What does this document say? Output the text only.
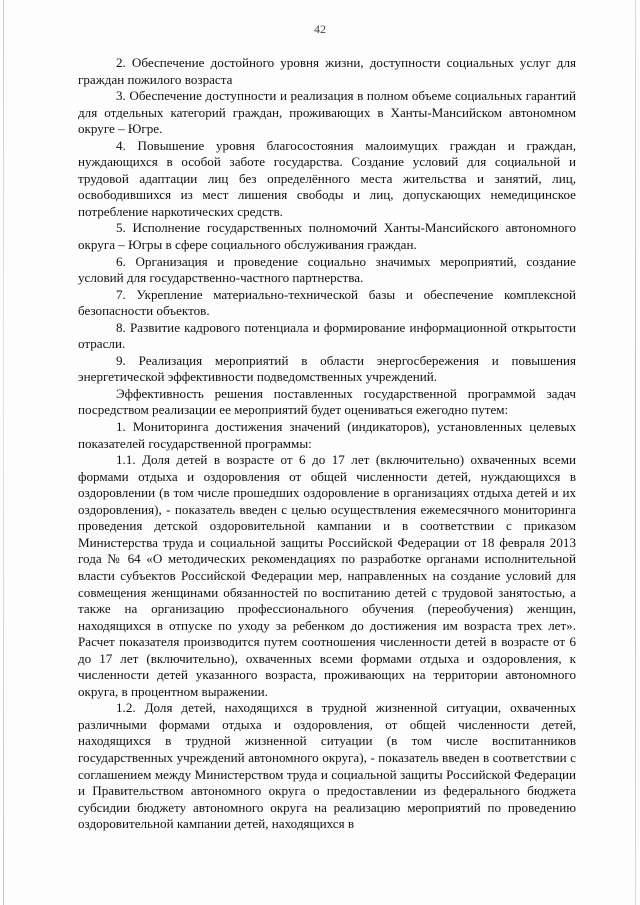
42

2. Обеспечение достойного уровня жизни, доступности социальных услуг для граждан пожилого возраста

3. Обеспечение доступности и реализация в полном объеме социальных гарантий для отдельных категорий граждан, проживающих в Ханты-Мансийском автономном округе – Югре.

4. Повышение уровня благосостояния малоимущих граждан и граждан, нуждающихся в особой заботе государства. Создание условий для социальной и трудовой адаптации лиц без определённого места жительства и занятий, лиц, освободившихся из мест лишения свободы и лиц, допускающих немедицинское потребление наркотических средств.

5. Исполнение государственных полномочий Ханты-Мансийского автономного округа – Югры в сфере социального обслуживания граждан.

6. Организация и проведение социально значимых мероприятий, создание условий для государственно-частного партнерства.

7. Укрепление материально-технической базы и обеспечение комплексной безопасности объектов.

8. Развитие кадрового потенциала и формирование информационной открытости отрасли.

9. Реализация мероприятий в области энергосбережения и повышения энергетической эффективности подведомственных учреждений.

Эффективность решения поставленных государственной программой задач посредством реализации ее мероприятий будет оцениваться ежегодно путем:

1. Мониторинга достижения значений (индикаторов), установленных целевых показателей государственной программы:

1.1. Доля детей в возрасте от 6 до 17 лет (включительно) охваченных всеми формами отдыха и оздоровления от общей численности детей, нуждающихся в оздоровлении (в том числе прошедших оздоровление в организациях отдыха детей и их оздоровления), - показатель введен с целью осуществления ежемесячного мониторинга проведения детской оздоровительной кампании и в соответствии с приказом Министерства труда и социальной защиты Российской Федерации от 18 февраля 2013 года № 64 «О методических рекомендациях по разработке органами исполнительной власти субъектов Российской Федерации мер, направленных на создание условий для совмещения женщинами обязанностей по воспитанию детей с трудовой занятостью, а также на организацию профессионального обучения (переобучения) женщин, находящихся в отпуске по уходу за ребенком до достижения им возраста трех лет». Расчет показателя производится путем соотношения численности детей в возрасте от 6 до 17 лет (включительно), охваченных всеми формами отдыха и оздоровления, к численности детей указанного возраста, проживающих на территории автономного округа, в процентном выражении.

1.2. Доля детей, находящихся в трудной жизненной ситуации, охваченных различными формами отдыха и оздоровления, от общей численности детей, находящихся в трудной жизненной ситуации (в том числе воспитанников государственных учреждений автономного округа), - показатель введен в соответствии с соглашением между Министерством труда и социальной защиты Российской Федерации и Правительством автономного округа о предоставлении из федерального бюджета субсидии бюджету автономного округа на реализацию мероприятий по проведению оздоровительной кампании детей, находящихся в
